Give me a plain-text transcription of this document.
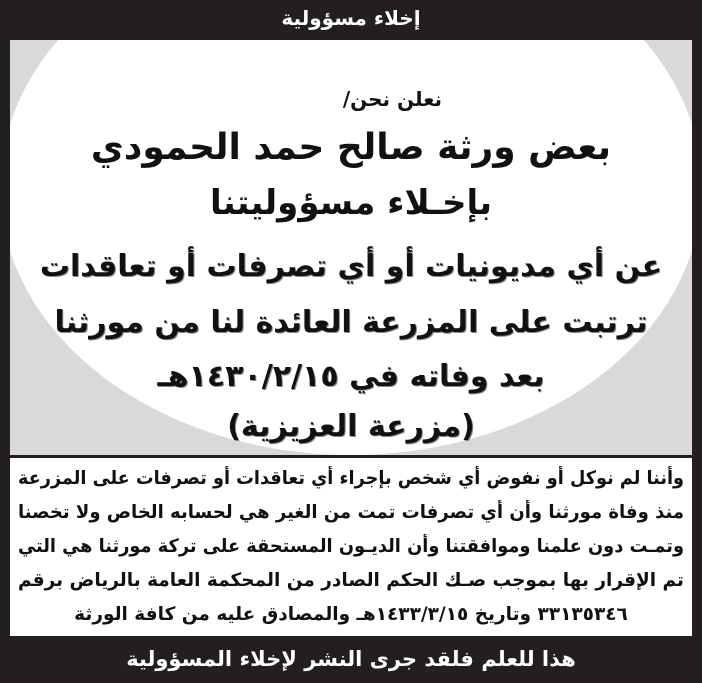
إخلاء مسؤولية
نعلن نحن/
بعض ورثة صالح حمد الحمودي
بإخـلاء مسؤوليتنا
عن أي مديونيات أو أي تصرفات أو تعاقدات
ترتبت على المزرعة العائدة لنا من مورثنا
بعد وفاته في ١٤٣٠/٢/١٥هـ
(مزرعة العزيزية)

وأننا لم نوكل أو نفوض أي شخص بإجراء أي تعاقدات أو تصرفات على المزرعة

منذ وفاة مورثنا وأن أي تصرفات تمت من الغير هي لحسابه الخاص ولا تخصنا

وتمـت دون علمنا وموافقتنا وأن الديـون المستحقة على تركة مورثنا هي التي

تم الإقرار بها بموجب صـك الحكم الصادر من المحكمة العامة بالرياض برقم

٣٣١٣٥٣٤٦ وتاريخ ١٤٣٣/٣/١٥هـ والمصادق عليه من كافة الورثة

هذا للعلم فلقد جرى النشر لإخلاء المسؤولية
